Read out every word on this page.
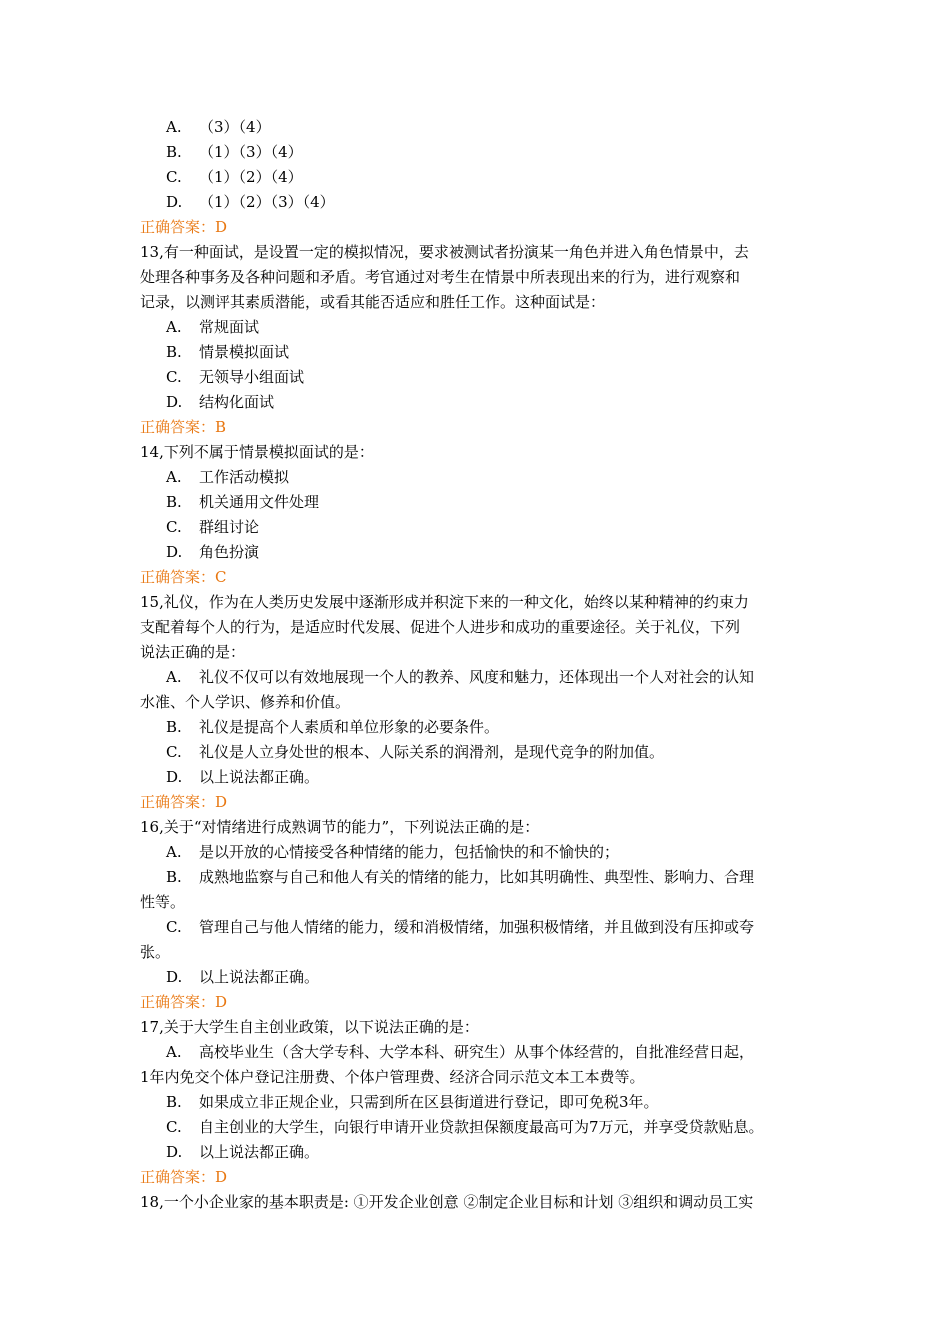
A. （3）（4）
B. （1）（3）（4）
C. （1）（2）（4）
D. （1）（2）（3）（4）
正确答案：D
13,有一种面试，是设置一定的模拟情况，要求被测试者扮演某一角色并进入角色情景中，去
处理各种事务及各种问题和矛盾。考官通过对考生在情景中所表现出来的行为，进行观察和
记录，以测评其素质潜能，或看其能否适应和胜任工作。这种面试是：
A. 常规面试
B. 情景模拟面试
C. 无领导小组面试
D. 结构化面试
正确答案：B
14,下列不属于情景模拟面试的是：
A. 工作活动模拟
B. 机关通用文件处理
C. 群组讨论
D. 角色扮演
正确答案：C
15,礼仪，作为在人类历史发展中逐渐形成并积淀下来的一种文化，始终以某种精神的约束力
支配着每个人的行为，是适应时代发展、促进个人进步和成功的重要途径。关于礼仪，下列
说法正确的是：
A. 礼仪不仅可以有效地展现一个人的教养、风度和魅力，还体现出一个人对社会的认知
水准、个人学识、修养和价值。
B. 礼仪是提高个人素质和单位形象的必要条件。
C. 礼仪是人立身处世的根本、人际关系的润滑剂，是现代竞争的附加值。
D. 以上说法都正确。
正确答案：D
16,关于“对情绪进行成熟调节的能力”，下列说法正确的是：
A. 是以开放的心情接受各种情绪的能力，包括愉快的和不愉快的；
B. 成熟地监察与自己和他人有关的情绪的能力，比如其明确性、典型性、影响力、合理
性等。
C. 管理自己与他人情绪的能力，缓和消极情绪，加强积极情绪，并且做到没有压抑或夸
张。
D. 以上说法都正确。
正确答案：D
17,关于大学生自主创业政策，以下说法正确的是：
A. 高校毕业生（含大学专科、大学本科、研究生）从事个体经营的，自批准经营日起，
1年内免交个体户登记注册费、个体户管理费、经济合同示范文本工本费等。
B. 如果成立非正规企业，只需到所在区县街道进行登记，即可免税3年。
C. 自主创业的大学生，向银行申请开业贷款担保额度最高可为7万元，并享受贷款贴息。
D. 以上说法都正确。
正确答案：D
18,一个小企业家的基本职责是: ①开发企业创意 ②制定企业目标和计划 ③组织和调动员工实
